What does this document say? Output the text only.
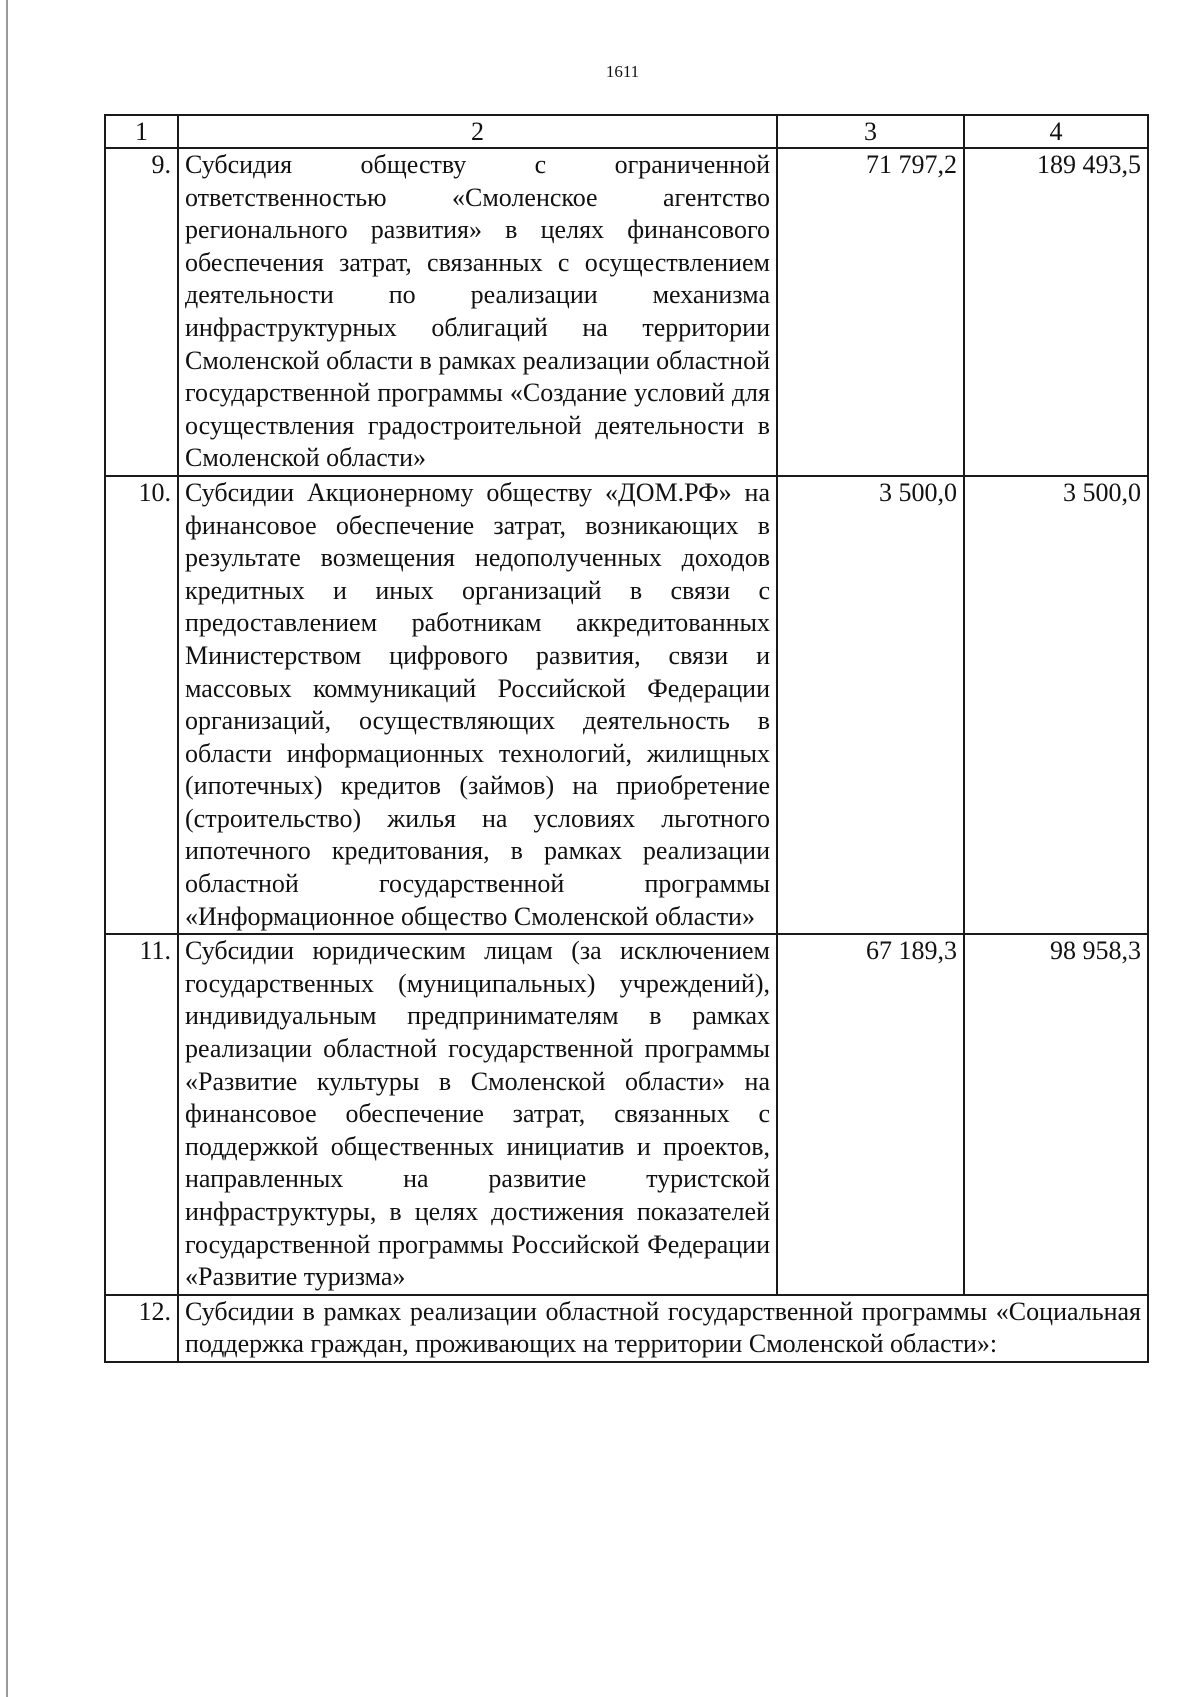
1611
1	2	3	4
9.	Субсидия обществу с ограниченной ответственностью «Смоленское агентство регионального развития» в целях финансового обеспечения затрат, связанных с осуществлением деятельности по реализации механизма инфраструктурных облигаций на территории Смоленской области в рамках реализации областной государственной программы «Создание условий для осуществления градостроительной деятельности в Смоленской области»	71 797,2	189 493,5
10.	Субсидии Акционерному обществу «ДОМ.РФ» на финансовое обеспечение затрат, возникающих в результате возмещения недополученных доходов кредитных и иных организаций в связи с предоставлением работникам аккредитованных Министерством цифрового развития, связи и массовых коммуникаций Российской Федерации организаций, осуществляющих деятельность в области информационных технологий, жилищных (ипотечных) кредитов (займов) на приобретение (строительство) жилья на условиях льготного ипотечного кредитования, в рамках реализации областной государственной программы «Информационное общество Смоленской области»	3 500,0	3 500,0
11.	Субсидии юридическим лицам (за исключением государственных (муниципальных) учреждений), индивидуальным предпринимателям в рамках реализации областной государственной программы «Развитие культуры в Смоленской области» на финансовое обеспечение затрат, связанных с поддержкой общественных инициатив и проектов, направленных на развитие туристской инфраструктуры, в целях достижения показателей государственной программы Российской Федерации «Развитие туризма»	67 189,3	98 958,3
12.	Субсидии в рамках реализации областной государственной программы «Социальная поддержка граждан, проживающих на территории Смоленской области»:		
